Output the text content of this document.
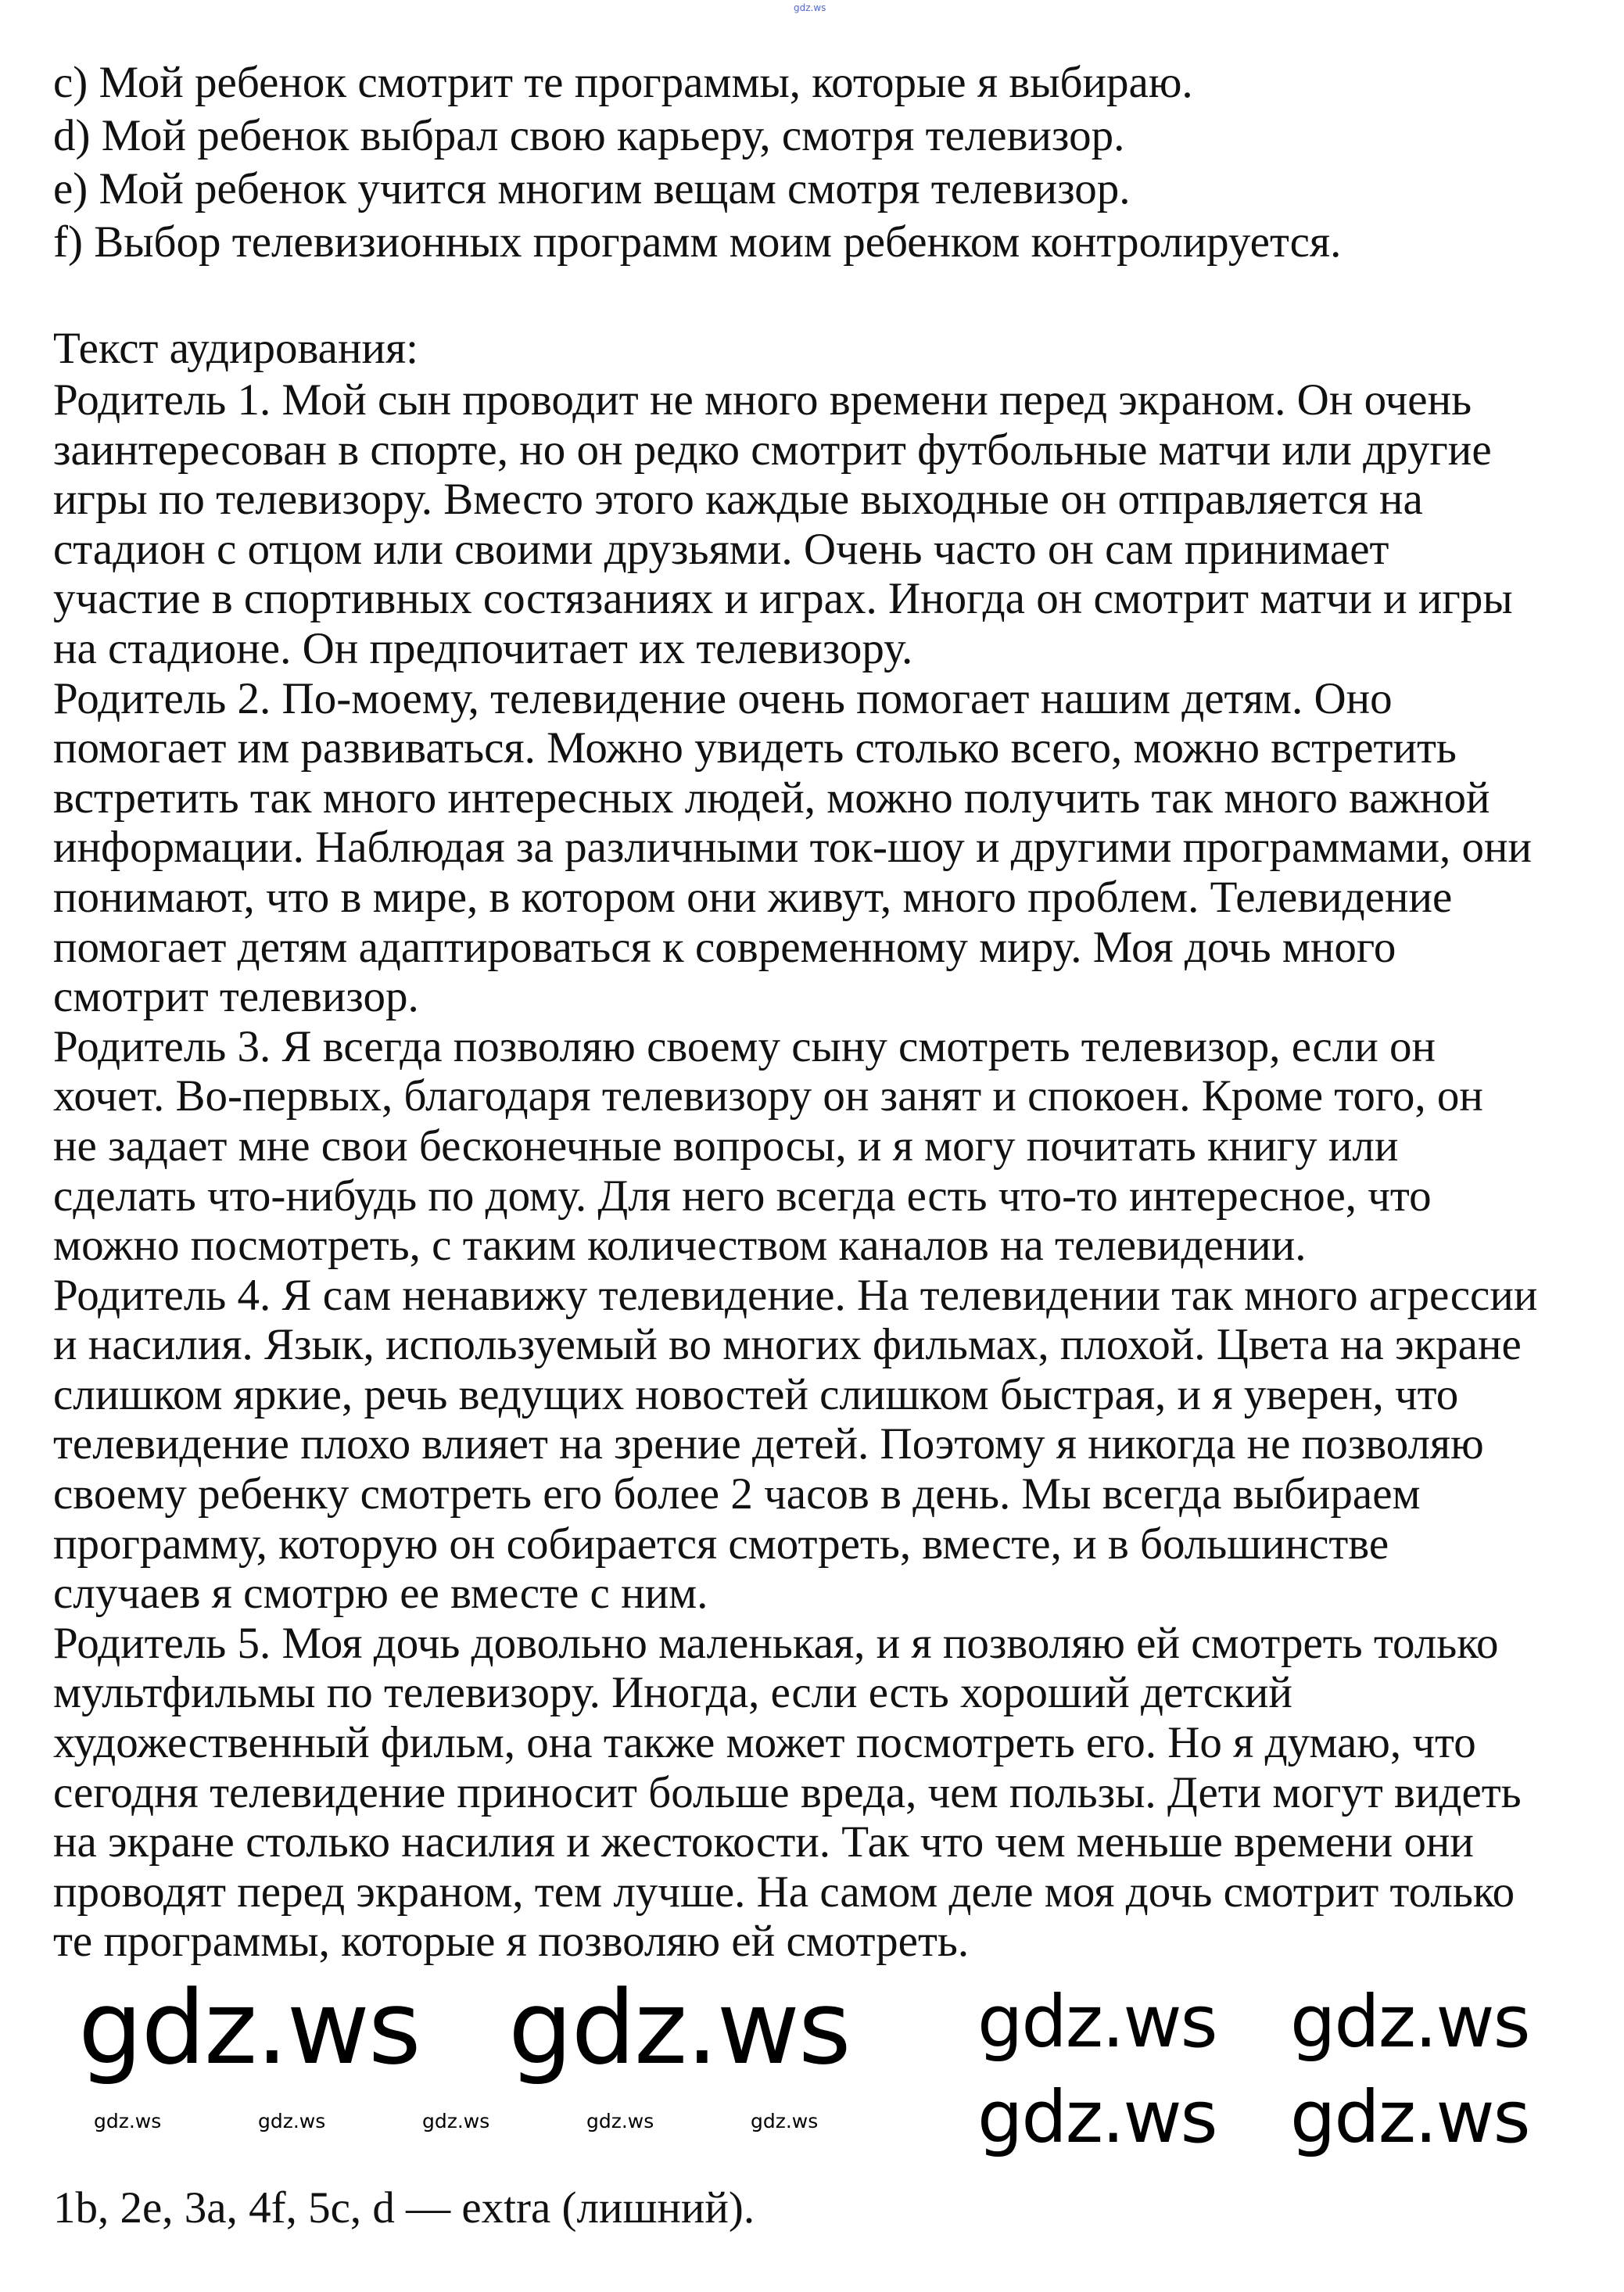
gdz.ws
c) Мой ребенок смотрит те программы, которые я выбираю.
d) Мой ребенок выбрал свою карьеру, смотря телевизор.
e) Мой ребенок учится многим вещам смотря телевизор.
f) Выбор телевизионных программ моим ребенком контролируется.
Текст аудирования:
Родитель 1. Мой сын проводит не много времени перед экраном. Он очень
заинтересован в спорте, но он редко смотрит футбольные матчи или другие
игры по телевизору. Вместо этого каждые выходные он отправляется на
стадион с отцом или своими друзьями. Очень часто он сам принимает
участие в спортивных состязаниях и играх. Иногда он смотрит матчи и игры
на стадионе. Он предпочитает их телевизору.
Родитель 2. По-моему, телевидение очень помогает нашим детям. Оно
помогает им развиваться. Можно увидеть столько всего, можно встретить
встретить так много интересных людей, можно получить так много важной
информации. Наблюдая за различными ток-шоу и другими программами, они
понимают, что в мире, в котором они живут, много проблем. Телевидение
помогает детям адаптироваться к современному миру. Моя дочь много
смотрит телевизор.
Родитель 3. Я всегда позволяю своему сыну смотреть телевизор, если он
хочет. Во-первых, благодаря телевизору он занят и спокоен. Кроме того, он
не задает мне свои бесконечные вопросы, и я могу почитать книгу или
сделать что-нибудь по дому. Для него всегда есть что-то интересное, что
можно посмотреть, с таким количеством каналов на телевидении.
Родитель 4. Я сам ненавижу телевидение. На телевидении так много агрессии
и насилия. Язык, используемый во многих фильмах, плохой. Цвета на экране
слишком яркие, речь ведущих новостей слишком быстрая, и я уверен, что
телевидение плохо влияет на зрение детей. Поэтому я никогда не позволяю
своему ребенку смотреть его более 2 часов в день. Мы всегда выбираем
программу, которую он собирается смотреть, вместе, и в большинстве
случаев я смотрю ее вместе с ним.
Родитель 5. Моя дочь довольно маленькая, и я позволяю ей смотреть только
мультфильмы по телевизору. Иногда, если есть хороший детский
художественный фильм, она также может посмотреть его. Но я думаю, что
сегодня телевидение приносит больше вреда, чем пользы. Дети могут видеть
на экране столько насилия и жестокости. Так что чем меньше времени они
проводят перед экраном, тем лучше. На самом деле моя дочь смотрит только
те программы, которые я позволяю ей смотреть.
1b, 2e, 3a, 4f, 5c, d — extra (лишний).
gdz.ws gdz.ws gdz.ws gdz.ws
gdz.ws gdz.ws
gdz.ws	gdz.ws	gdz.ws	gdz.ws	gdz.ws
